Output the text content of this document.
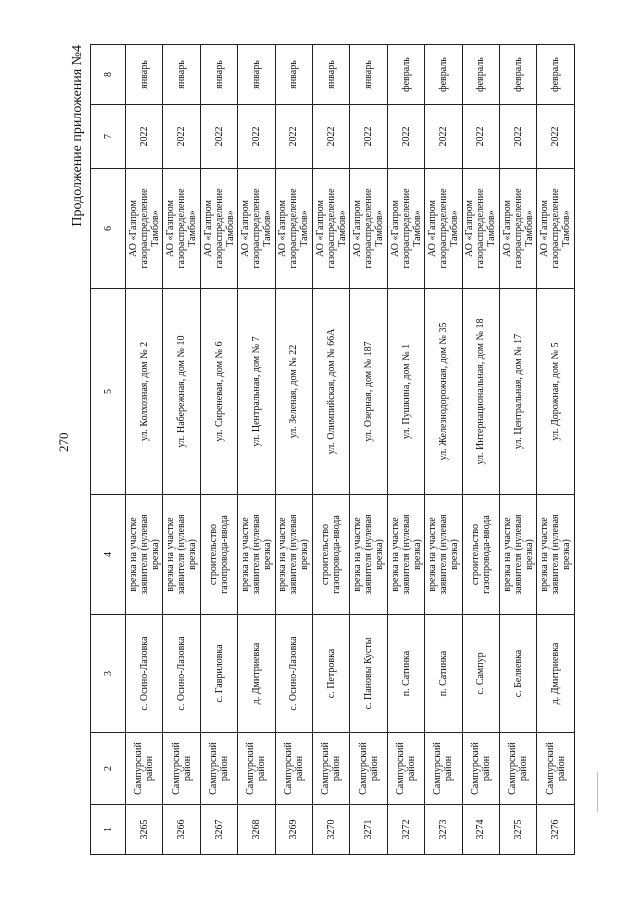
270
Продолжение приложения №4
1	2	3	4	5	6	7	8
3265	Сампурский район	с. Осино-Лазовка	врезка на участке заявителя (нулевая врезка)	ул. Колхозная, дом № 2	АО «Газпром газораспределение Тамбов»	2022	январь
3266	Сампурский район	с. Осино-Лазовка	врезка на участке заявителя (нулевая врезка)	ул. Набережная, дом № 10	АО «Газпром газораспределение Тамбов»	2022	январь
3267	Сампурский район	с. Гавриловка	строительство газопровода-ввода	ул. Сиреневая, дом № 6	АО «Газпром газораспределение Тамбов»	2022	январь
3268	Сампурский район	д. Дмитриевка	врезка на участке заявителя (нулевая врезка)	ул. Центральная, дом № 7	АО «Газпром газораспределение Тамбов»	2022	январь
3269	Сампурский район	с. Осино-Лазовка	врезка на участке заявителя (нулевая врезка)	ул. Зеленая, дом № 22	АО «Газпром газораспределение Тамбов»	2022	январь
3270	Сампурский район	с. Петровка	строительство газопровода-ввода	ул. Олимпийская, дом № 66А	АО «Газпром газораспределение Тамбов»	2022	январь
3271	Сампурский район	с. Пановы Кусты	врезка на участке заявителя (нулевая врезка)	ул. Озерная, дом № 187	АО «Газпром газораспределение Тамбов»	2022	январь
3272	Сампурский район	п. Сатинка	врезка на участке заявителя (нулевая врезка)	ул. Пушкина, дом № 1	АО «Газпром газораспределение Тамбов»	2022	февраль
3273	Сампурский район	п. Сатинка	врезка на участке заявителя (нулевая врезка)	ул. Железнодорожная, дом № 35	АО «Газпром газораспределение Тамбов»	2022	февраль
3274	Сампурский район	с. Сампур	строительство газопровода-ввода	ул. Интернациональная, дом № 18	АО «Газпром газораспределение Тамбов»	2022	февраль
3275	Сампурский район	с. Беляевка	врезка на участке заявителя (нулевая врезка)	ул. Центральная, дом № 17	АО «Газпром газораспределение Тамбов»	2022	февраль
3276	Сампурский район	д. Дмитриевка	врезка на участке заявителя (нулевая врезка)	ул. Дорожная, дом № 5	АО «Газпром газораспределение Тамбов»	2022	февраль
